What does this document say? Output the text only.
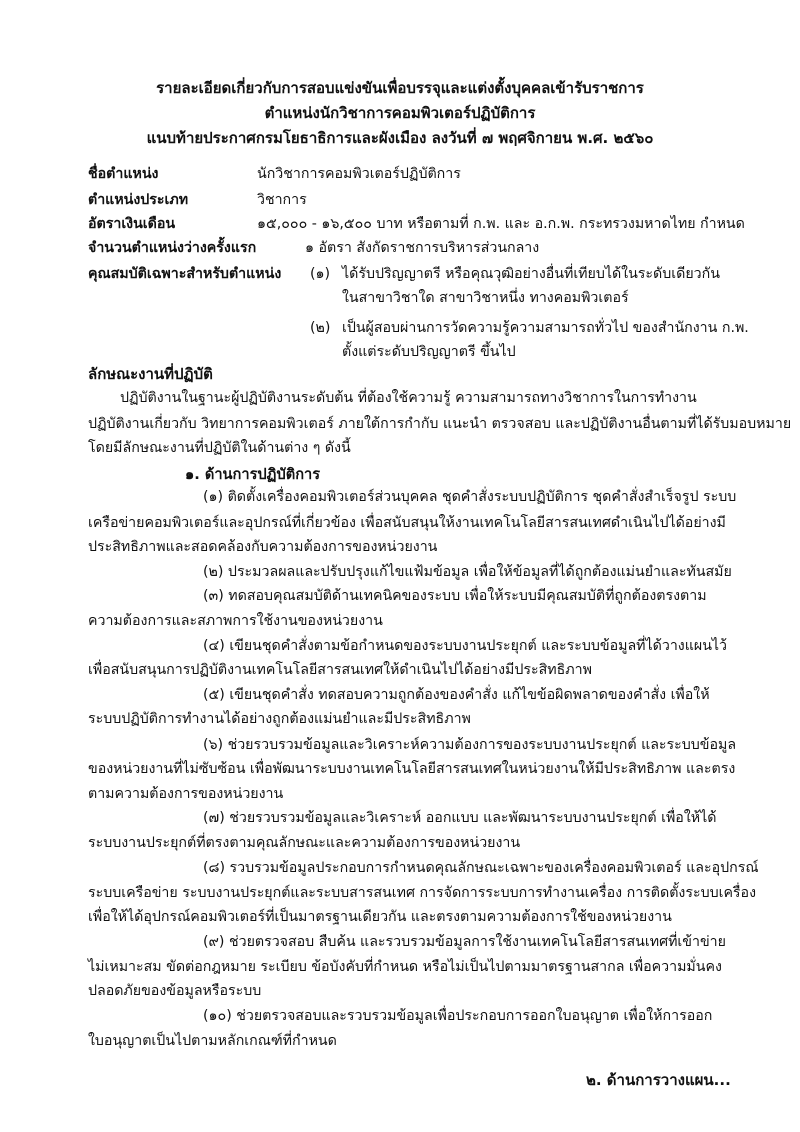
รายละเอียดเกี่ยวกับการสอบแข่งขันเพื่อบรรจุและแต่งตั้งบุคคลเข้ารับราชการ
ตำแหน่งนักวิชาการคอมพิวเตอร์ปฏิบัติการ
แนบท้ายประกาศกรมโยธาธิการและผังเมือง ลงวันที่ ๗ พฤศจิกายน พ.ศ. ๒๕๖๐
ชื่อตำแหน่ง	นักวิชาการคอมพิวเตอร์ปฏิบัติการ
ตำแหน่งประเภท	วิชาการ
อัตราเงินเดือน	๑๕,๐๐๐ - ๑๖,๕๐๐ บาท หรือตามที่ ก.พ. และ อ.ก.พ. กระทรวงมหาดไทย กำหนด
จำนวนตำแหน่งว่างครั้งแรก	๑ อัตรา สังกัดราชการบริหารส่วนกลาง
คุณสมบัติเฉพาะสำหรับตำแหน่ง (๑) ได้รับปริญญาตรี หรือคุณวุฒิอย่างอื่นที่เทียบได้ในระดับเดียวกัน
ในสาขาวิชาใด สาขาวิชาหนึ่ง ทางคอมพิวเตอร์
(๒) เป็นผู้สอบผ่านการวัดความรู้ความสามารถทั่วไป ของสำนักงาน ก.พ.
ตั้งแต่ระดับปริญญาตรี ขึ้นไป
ลักษณะงานที่ปฏิบัติ
ปฏิบัติงานในฐานะผู้ปฏิบัติงานระดับต้น ที่ต้องใช้ความรู้ ความสามารถทางวิชาการในการทำงาน
ปฏิบัติงานเกี่ยวกับ วิทยาการคอมพิวเตอร์ ภายใต้การกำกับ แนะนำ ตรวจสอบ และปฏิบัติงานอื่นตามที่ได้รับมอบหมาย
โดยมีลักษณะงานที่ปฏิบัติในด้านต่าง ๆ ดังนี้
๑. ด้านการปฏิบัติการ
(๑) ติดตั้งเครื่องคอมพิวเตอร์ส่วนบุคคล ชุดคำสั่งระบบปฏิบัติการ ชุดคำสั่งสำเร็จรูป ระบบ
เครือข่ายคอมพิวเตอร์และอุปกรณ์ที่เกี่ยวข้อง เพื่อสนับสนุนให้งานเทคโนโลยีสารสนเทศดำเนินไปได้อย่างมี
ประสิทธิภาพและสอดคล้องกับความต้องการของหน่วยงาน
(๒) ประมวลผลและปรับปรุงแก้ไขแฟ้มข้อมูล เพื่อให้ข้อมูลที่ได้ถูกต้องแม่นยำและทันสมัย
(๓) ทดสอบคุณสมบัติด้านเทคนิคของระบบ เพื่อให้ระบบมีคุณสมบัติที่ถูกต้องตรงตาม
ความต้องการและสภาพการใช้งานของหน่วยงาน
(๔) เขียนชุดคำสั่งตามข้อกำหนดของระบบงานประยุกต์ และระบบข้อมูลที่ได้วางแผนไว้
เพื่อสนับสนุนการปฏิบัติงานเทคโนโลยีสารสนเทศให้ดำเนินไปได้อย่างมีประสิทธิภาพ
(๕) เขียนชุดคำสั่ง ทดสอบความถูกต้องของคำสั่ง แก้ไขข้อผิดพลาดของคำสั่ง เพื่อให้
ระบบปฏิบัติการทำงานได้อย่างถูกต้องแม่นยำและมีประสิทธิภาพ
(๖) ช่วยรวบรวมข้อมูลและวิเคราะห์ความต้องการของระบบงานประยุกต์ และระบบข้อมูล
ของหน่วยงานที่ไม่ซับซ้อน เพื่อพัฒนาระบบงานเทคโนโลยีสารสนเทศในหน่วยงานให้มีประสิทธิภาพ และตรง
ตามความต้องการของหน่วยงาน
(๗) ช่วยรวบรวมข้อมูลและวิเคราะห์ ออกแบบ และพัฒนาระบบงานประยุกต์ เพื่อให้ได้
ระบบงานประยุกต์ที่ตรงตามคุณลักษณะและความต้องการของหน่วยงาน
(๘) รวบรวมข้อมูลประกอบการกำหนดคุณลักษณะเฉพาะของเครื่องคอมพิวเตอร์ และอุปกรณ์
ระบบเครือข่าย ระบบงานประยุกต์และระบบสารสนเทศ การจัดการระบบการทำงานเครื่อง การติดตั้งระบบเครื่อง
เพื่อให้ได้อุปกรณ์คอมพิวเตอร์ที่เป็นมาตรฐานเดียวกัน และตรงตามความต้องการใช้ของหน่วยงาน
(๙) ช่วยตรวจสอบ สืบค้น และรวบรวมข้อมูลการใช้งานเทคโนโลยีสารสนเทศที่เข้าข่าย
ไม่เหมาะสม ขัดต่อกฎหมาย ระเบียบ ข้อบังคับที่กำหนด หรือไม่เป็นไปตามมาตรฐานสากล เพื่อความมั่นคง
ปลอดภัยของข้อมูลหรือระบบ
(๑๐) ช่วยตรวจสอบและรวบรวมข้อมูลเพื่อประกอบการออกใบอนุญาต เพื่อให้การออก
ใบอนุญาตเป็นไปตามหลักเกณฑ์ที่กำหนด
๒. ด้านการวางแผน...
